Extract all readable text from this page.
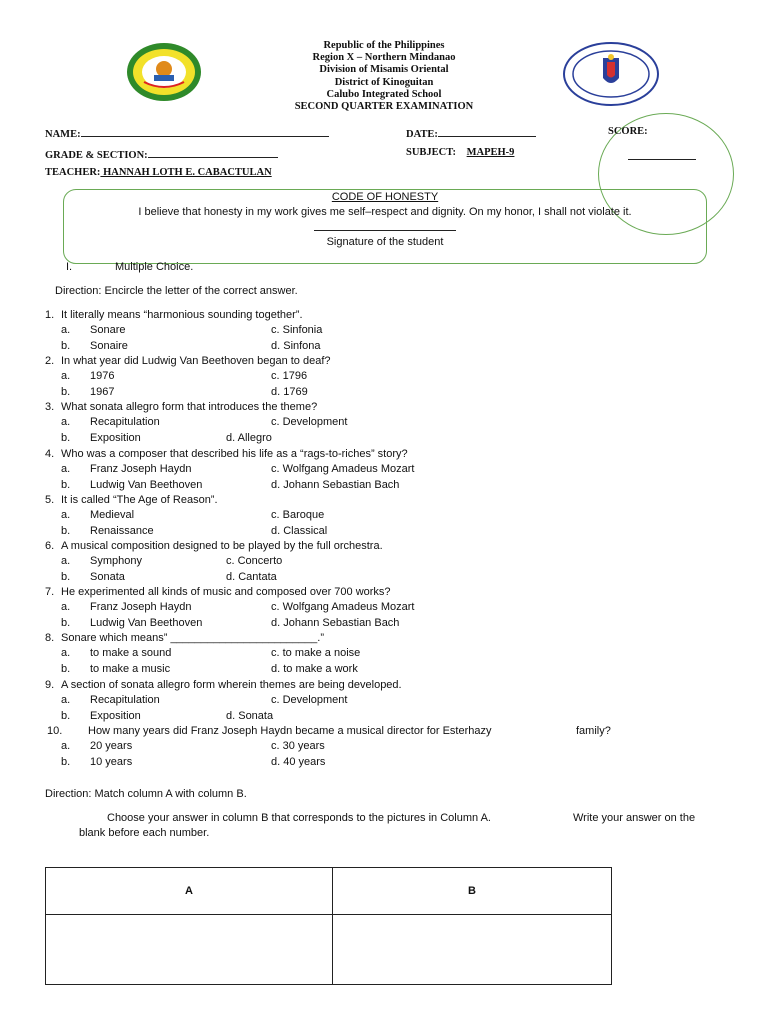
Republic of the Philippines
Region X – Northern Mindanao
Division of Misamis Oriental
District of Kinoguitan
Calubo Integrated School
SECOND QUARTER EXAMINATION
NAME:	DATE:	SCORE:
GRADE & SECTION:	SUBJECT: MAPEH-9
TEACHER: HANNAH LOTH E. CABACTULAN
CODE OF HONESTY
I believe that honesty in my work gives me self–respect and dignity. On my honor, I shall not violate it.
Signature of the student
I.	Multiple Choice.
Direction: Encircle the letter of the correct answer.
1. It literally means “harmonious sounding together”.
a. Sonare
b. Sonaire
c. Sinfonia
d. Sinfona
2. In what year did Ludwig Van Beethoven began to deaf?
a. 1976
b. 1967
c. 1796
d. 1769
3. What sonata allegro form that introduces the theme?
a. Recapitulation
b. Exposition
c. Development
d. Allegro
4. Who was a composer that described his life as a “rags-to-riches” story?
a. Franz Joseph Haydn
b. Ludwig Van Beethoven
c. Wolfgang Amadeus Mozart
d. Johann Sebastian Bach
5. It is called “The Age of Reason”.
a. Medieval
b. Renaissance
c. Baroque
d. Classical
6. A musical composition designed to be played by the full orchestra.
a. Symphony
b. Sonata
c. Concerto
d. Cantata
7. He experimented all kinds of music and composed over 700 works?
a. Franz Joseph Haydn
b. Ludwig Van Beethoven
c. Wolfgang Amadeus Mozart
d. Johann Sebastian Bach
8. Sonare which means” ________________________.”
a. to make a sound
b. to make a music
c. to make a noise
d. to make a work
9. A section of sonata allegro form wherein themes are being developed.
a. Recapitulation
b. Exposition
c. Development
d. Sonata
10. How many years did Franz Joseph Haydn became a musical director for Esterhazy	family?
a. 20 years
b. 10 years
c. 30 years
d. 40 years
Direction: Match column A with column B.
Choose your answer in column B that corresponds to the pictures in Column A.	Write your answer on the
blank before each number.
A	B
